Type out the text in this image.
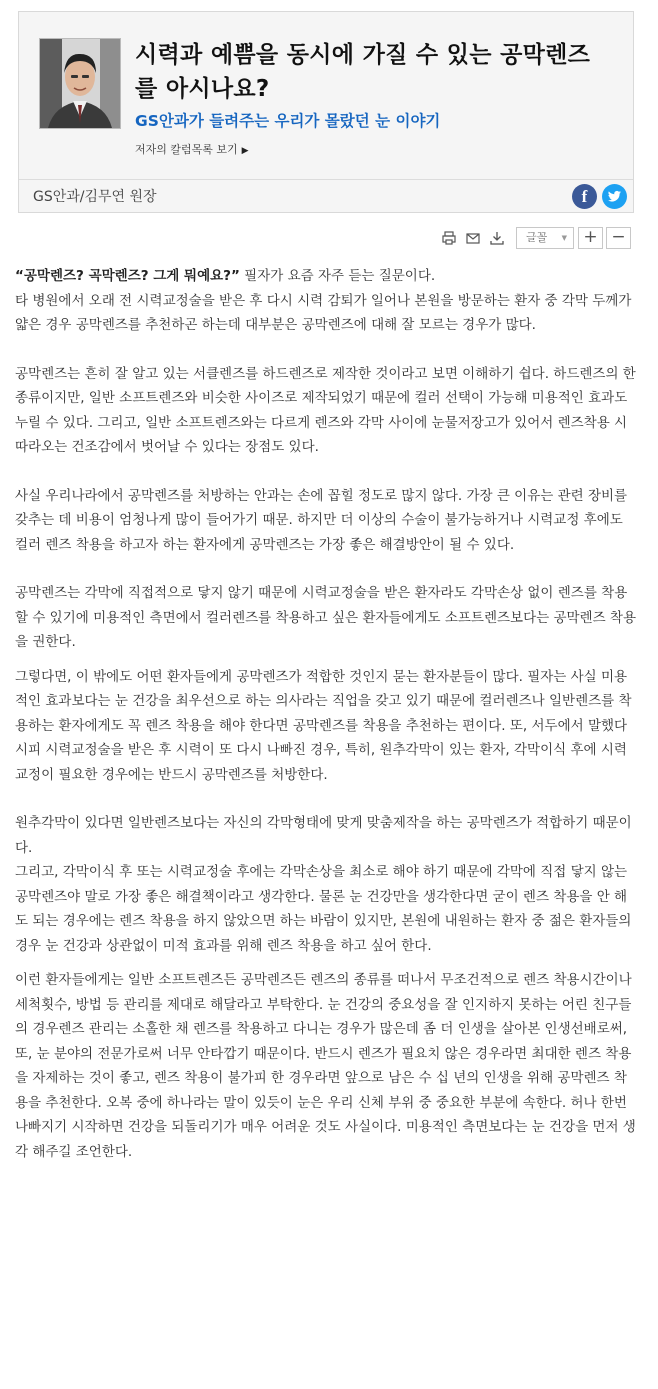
시력과 예쁨을 동시에 가질 수 있는 공막렌즈를 아시나요?
GS안과가 들려주는 우리가 몰랐던 눈 이야기
저자의 칼럼목록 보기 ▶
GS안과/김무연 원장	f
글꼴 ▼ + −

“공막렌즈? 곡막렌즈? 그게 뭐예요?” 필자가 요즘 자주 듣는 질문이다.

타 병원에서 오래 전 시력교정술을 받은 후 다시 시력 감퇴가 일어나 본원을 방문하는 환자 중 각막 두께가 얇은 경우 공막렌즈를 추천하곤 하는데 대부분은 공막렌즈에 대해 잘 모르는 경우가 많다.

공막렌즈는 흔히 잘 알고 있는 서클렌즈를 하드렌즈로 제작한 것이라고 보면 이해하기 쉽다. 하드렌즈의 한 종류이지만, 일반 소프트렌즈와 비슷한 사이즈로 제작되었기 때문에 컬러 선택이 가능해 미용적인 효과도 누릴 수 있다. 그리고, 일반 소프트렌즈와는 다르게 렌즈와 각막 사이에 눈물저장고가 있어서 렌즈착용 시 따라오는 건조감에서 벗어날 수 있다는 장점도 있다.

사실 우리나라에서 공막렌즈를 처방하는 안과는 손에 꼽힐 정도로 많지 않다. 가장 큰 이유는 관련 장비를 갖추는 데 비용이 엄청나게 많이 들어가기 때문. 하지만 더 이상의 수술이 불가능하거나 시력교정 후에도 컬러 렌즈 착용을 하고자 하는 환자에게 공막렌즈는 가장 좋은 해결방안이 될 수 있다.

공막렌즈는 각막에 직접적으로 닿지 않기 때문에 시력교정술을 받은 환자라도 각막손상 없이 렌즈를 착용할 수 있기에 미용적인 측면에서 컬러렌즈를 착용하고 싶은 환자들에게도 소프트렌즈보다는 공막렌즈 착용을 권한다.

그렇다면, 이 밖에도 어떤 환자들에게 공막렌즈가 적합한 것인지 묻는 환자분들이 많다. 필자는 사실 미용적인 효과보다는 눈 건강을 최우선으로 하는 의사라는 직업을 갖고 있기 때문에 컬러렌즈나 일반렌즈를 착용하는 환자에게도 꼭 렌즈 착용을 해야 한다면 공막렌즈를 착용을 추천하는 편이다. 또, 서두에서 말했다시피 시력교정술을 받은 후 시력이 또 다시 나빠진 경우, 특히, 원추각막이 있는 환자, 각막이식 후에 시력교정이 필요한 경우에는 반드시 공막렌즈를 처방한다.

원추각막이 있다면 일반렌즈보다는 자신의 각막형태에 맞게 맞춤제작을 하는 공막렌즈가 적합하기 때문이다.

그리고, 각막이식 후 또는 시력교정술 후에는 각막손상을 최소로 해야 하기 때문에 각막에 직접 닿지 않는 공막렌즈야 말로 가장 좋은 해결책이라고 생각한다. 물론 눈 건강만을 생각한다면 굳이 렌즈 착용을 안 해도 되는 경우에는 렌즈 착용을 하지 않았으면 하는 바람이 있지만, 본원에 내원하는 환자 중 젊은 환자들의 경우 눈 건강과 상관없이 미적 효과를 위해 렌즈 착용을 하고 싶어 한다.

이런 환자들에게는 일반 소프트렌즈든 공막렌즈든 렌즈의 종류를 떠나서 무조건적으로 렌즈 착용시간이나 세척횟수, 방법 등 관리를 제대로 해달라고 부탁한다. 눈 건강의 중요성을 잘 인지하지 못하는 어린 친구들의 경우렌즈 관리는 소홀한 채 렌즈를 착용하고 다니는 경우가 많은데 좀 더 인생을 살아본 인생선배로써, 또, 눈 분야의 전문가로써 너무 안타깝기 때문이다. 반드시 렌즈가 필요치 않은 경우라면 최대한 렌즈 착용을 자제하는 것이 좋고, 렌즈 착용이 불가피 한 경우라면 앞으로 남은 수 십 년의 인생을 위해 공막렌즈 착용을 추천한다. 오복 중에 하나라는 말이 있듯이 눈은 우리 신체 부위 중 중요한 부분에 속한다. 허나 한번 나빠지기 시작하면 건강을 되돌리기가 매우 어려운 것도 사실이다. 미용적인 측면보다는 눈 건강을 먼저 생각 해주길 조언한다.
